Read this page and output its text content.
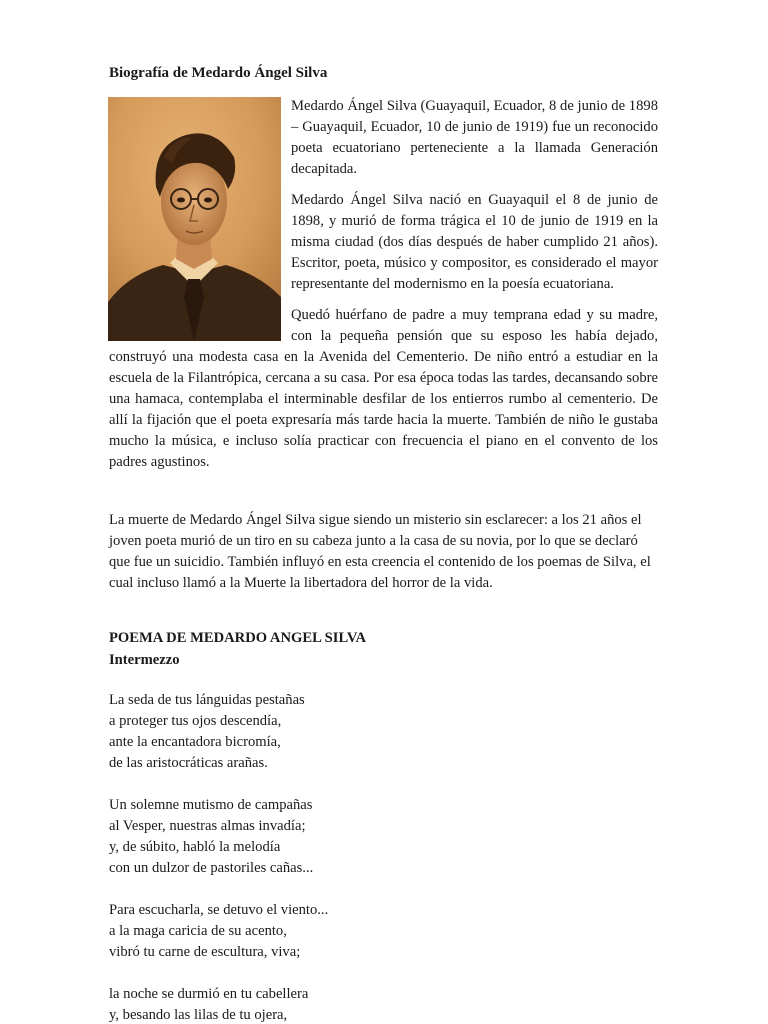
Biografía de Medardo Ángel Silva

Medardo Ángel Silva (Guayaquil, Ecuador, 8 de junio de 1898 – Guayaquil, Ecuador, 10 de junio de 1919) fue un reconocido poeta ecuatoriano perteneciente a la llamada Generación decapitada.

Medardo Ángel Silva nació en Guayaquil el 8 de junio de 1898, y murió de forma trágica el 10 de junio de 1919 en la misma ciudad (dos días después de haber cumplido 21 años). Escritor, poeta, músico y compositor, es considerado el mayor representante del modernismo en la poesía ecuatoriana.

Quedó huérfano de padre a muy temprana edad y su madre, con la pequeña pensión que su esposo les había dejado, construyó una modesta casa en la Avenida del Cementerio. De niño entró a estudiar en la escuela de la Filantrópica, cercana a su casa. Por esa época todas las tardes, decansando sobre una hamaca, contemplaba el interminable desfilar de los entierros rumbo al cementerio. De allí la fijación que el poeta expresaría más tarde hacia la muerte. También de niño le gustaba mucho la música, e incluso solía practicar con frecuencia el piano en el convento de los padres agustinos.

La muerte de Medardo Ángel Silva sigue siendo un misterio sin esclarecer: a los 21 años el joven poeta murió de un tiro en su cabeza junto a la casa de su novia, por lo que se declaró que fue un suicidio. También influyó en esta creencia el contenido de los poemas de Silva, el cual incluso llamó a la Muerte la libertadora del horror de la vida.

POEMA DE MEDARDO ANGEL SILVA
Intermezzo
La seda de tus lánguidas pestañas
a proteger tus ojos descendía,
ante la encantadora bicromía,
de las aristocráticas arañas.
Un solemne mutismo de campañas
al Vesper, nuestras almas invadía;
y, de súbito, habló la melodía
con un dulzor de pastoriles cañas...
Para escucharla, se detuvo el viento...
a la maga caricia de su acento,
vibró tu carne de escultura, viva;
la noche se durmió en tu cabellera
y, besando las lilas de tu ojera,
